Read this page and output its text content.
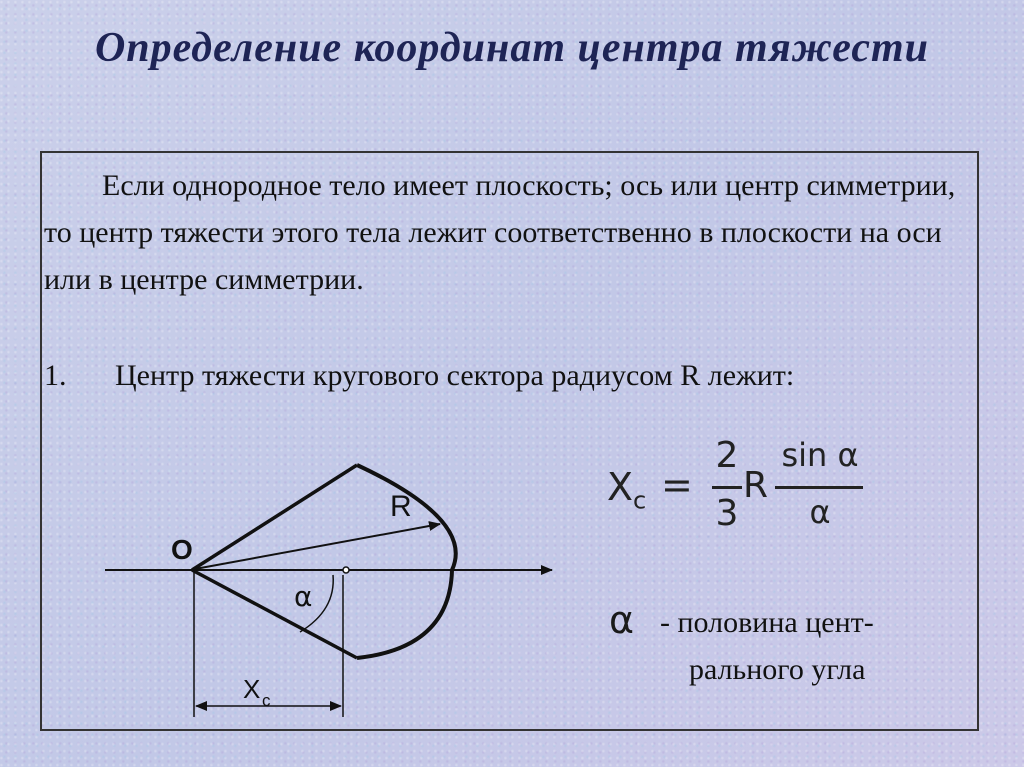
Определение координат центра тяжести

Если однородное тело имеет плоскость; ось или центр симметрии, то центр тяжести этого тела лежит соответственно в плоскости на оси или в центре симметрии.

1. Центр тяжести кругового сектора радиусом R лежит:
O
R
α
X c
$X_c$ =
2
3
R
sin α
α
α - половина цент-
рального угла
